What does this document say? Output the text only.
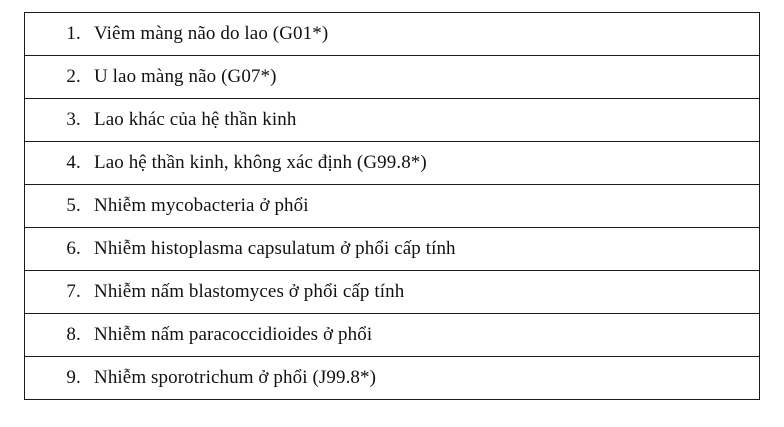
1. Viêm màng não do lao (G01*)

2. U lao màng não (G07*)

3. Lao khác của hệ thần kinh

4. Lao hệ thần kinh, không xác định (G99.8*)

5. Nhiễm mycobacteria ở phổi

6. Nhiễm histoplasma capsulatum ở phổi cấp tính

7. Nhiễm nấm blastomyces ở phổi cấp tính

8. Nhiễm nấm paracoccidioides ở phổi

9. Nhiễm sporotrichum ở phổi (J99.8*)
